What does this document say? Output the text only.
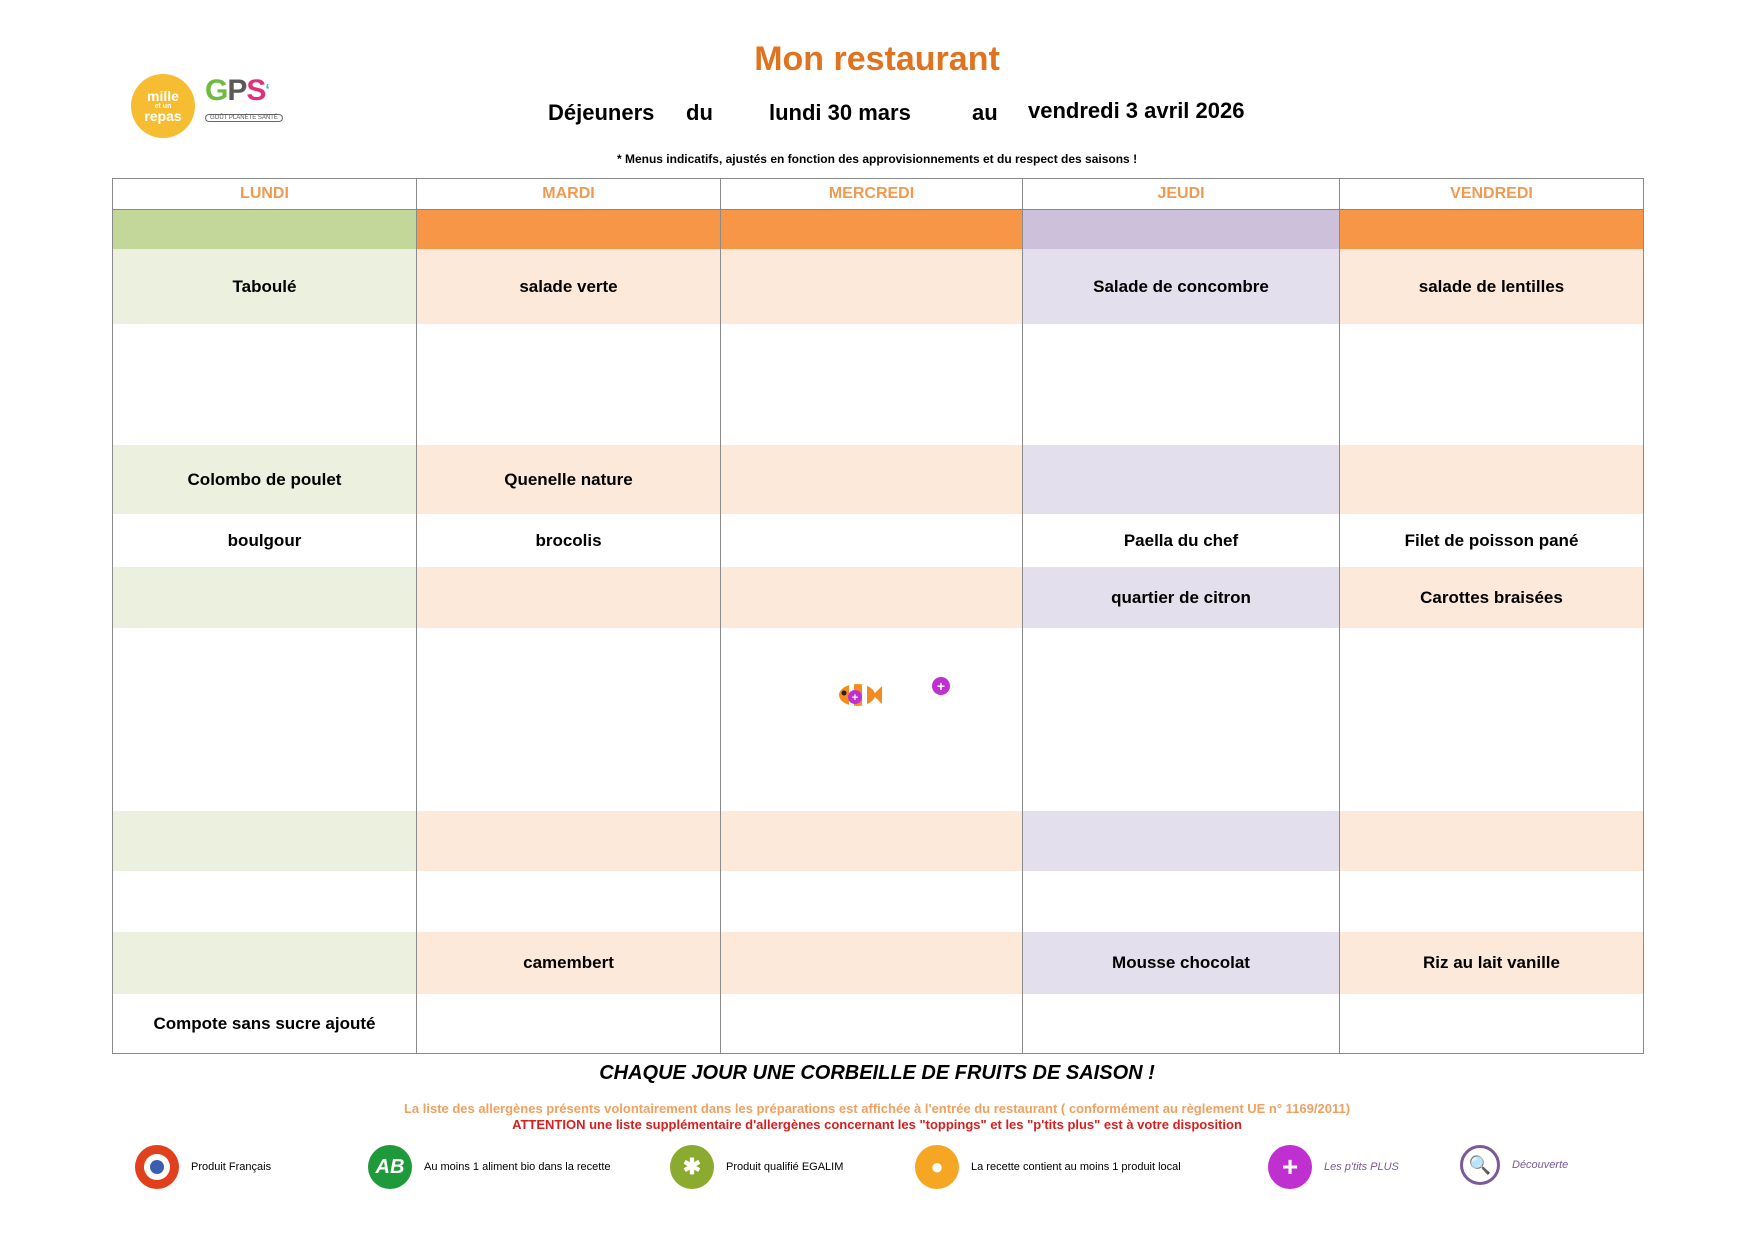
mille
et un
repas
GPS‘
GOÛT PLANÈTE SANTÉ
Mon restaurant
Déjeuners du	lundi 30 mars	au vendredi 3 avril 2026
* Menus indicatifs, ajustés en fonction des approvisionnements et du respect des saisons !
LUNDI	MARDI	MERCREDI	JEUDI	VENDREDI

Taboulé	salade verte		Salade de concombre	salade de lentilles

Colombo de poulet	Quenelle nature			
boulgour	brocolis		Paella du chef	Filet de poisson pané
			quartier de citron	Carottes braisées

	camembert		Mousse chocolat	Riz au lait vanille
Compote sans sucre ajouté				
+
+
CHAQUE JOUR UNE CORBEILLE DE FRUITS DE SAISON !
La liste des allergènes présents volontairement dans les préparations est affichée à l'entrée du restaurant ( conformément au règlement UE n° 1169/2011)
ATTENTION une liste supplémentaire d'allergènes concernant les "toppings" et les "p'tits plus" est à votre disposition
Produit Français	AB	Au moins 1 aliment bio dans la recette	✱	Produit qualifié EGALIM	●	La recette contient au moins 1 produit local	+	Les p'tits PLUS	🔍	Découverte
